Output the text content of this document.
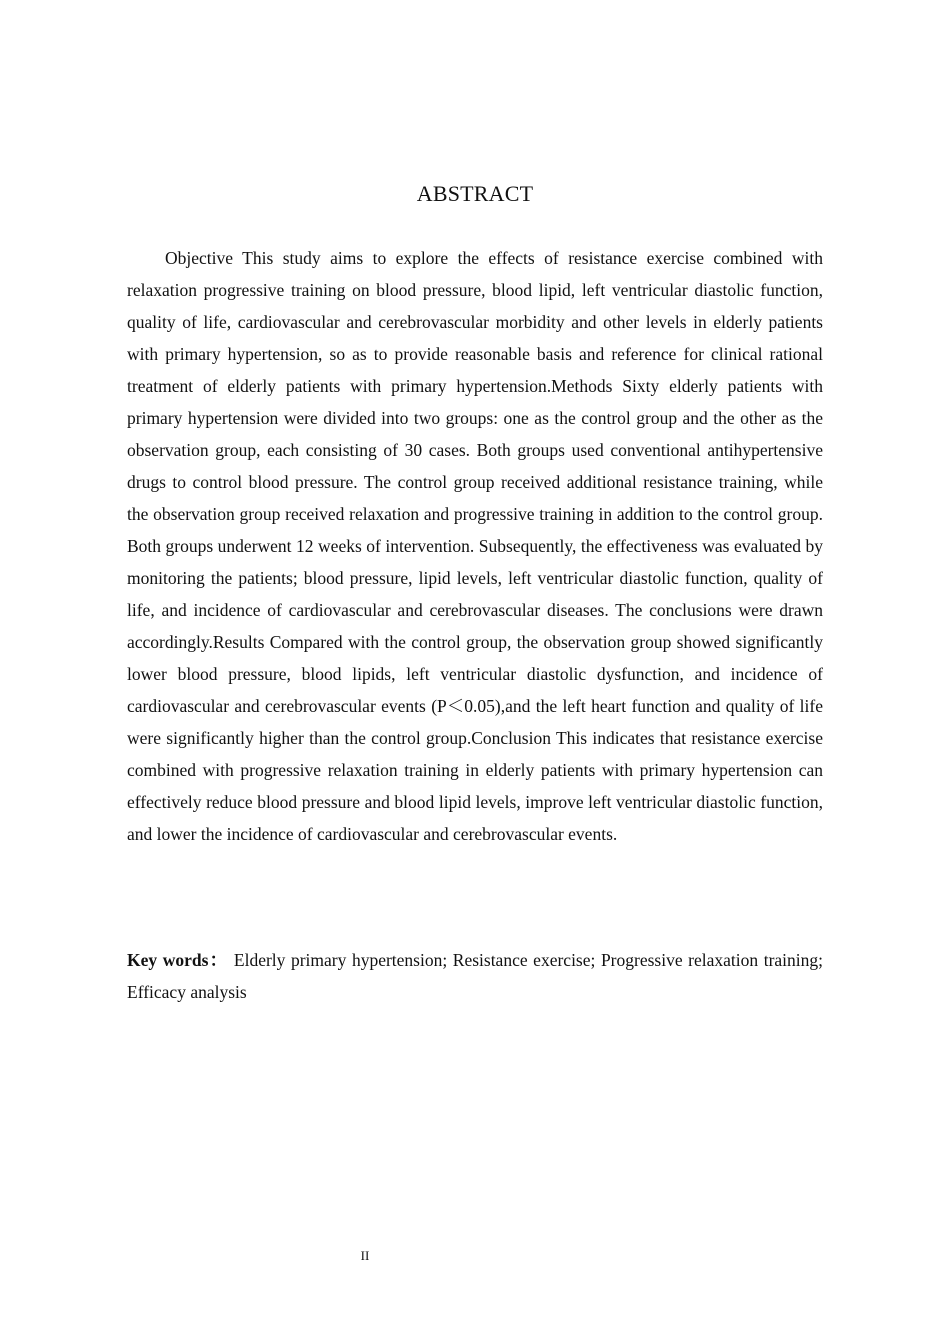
ABSTRACT

Objective This study aims to explore the effects of resistance exercise combined with relaxation progressive training on blood pressure, blood lipid, left ventricular diastolic function, quality of life, cardiovascular and cerebrovascular morbidity and other levels in elderly patients with primary hypertension, so as to provide reasonable basis and reference for clinical rational treatment of elderly patients with primary hypertension.Methods Sixty elderly patients with primary hypertension were divided into two groups: one as the control group and the other as the observation group, each consisting of 30 cases. Both groups used conventional antihypertensive drugs to control blood pressure. The control group received additional resistance training, while the observation group received relaxation and progressive training in addition to the control group. Both groups underwent 12 weeks of intervention. Subsequently, the effectiveness was evaluated by monitoring the patients; blood pressure, lipid levels, left ventricular diastolic function, quality of life, and incidence of cardiovascular and cerebrovascular diseases. The conclusions were drawn accordingly.Results Compared with the control group, the observation group showed significantly lower blood pressure, blood lipids, left ventricular diastolic dysfunction, and incidence of cardiovascular and cerebrovascular events (P＜0.05),and the left heart function and quality of life were significantly higher than the control group.Conclusion This indicates that resistance exercise combined with progressive relaxation training in elderly patients with primary hypertension can effectively reduce blood pressure and blood lipid levels, improve left ventricular diastolic function, and lower the incidence of cardiovascular and cerebrovascular events.

Key words： Elderly primary hypertension; Resistance exercise; Progressive relaxation training; Efficacy analysis

II
